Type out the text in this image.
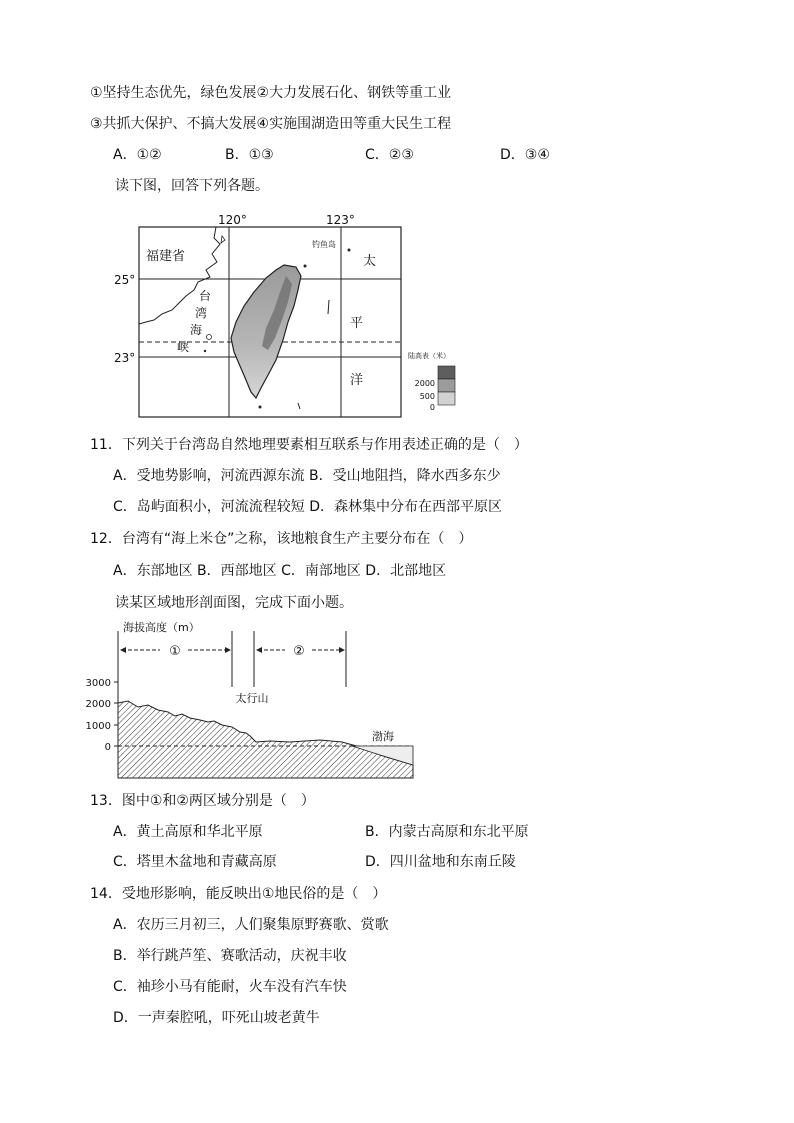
①坚持生态优先，绿色发展②大力发展石化、钢铁等重工业
③共抓大保护、不搞大发展④实施围湖造田等重大民生工程
A．①②	B．①③	C．②③	D．③④
读下图，回答下列各题。
120°	123°
25°
23°
福建省
台
湾
海
峡
钓鱼岛
太
平
洋
陆高表（米）
2000
500
0
11．下列关于台湾岛自然地理要素相互联系与作用表述正确的是（　）
A．受地势影响，河流西源东流 B．受山地阻挡，降水西多东少
C．岛屿面积小，河流流程较短 D．森林集中分布在西部平原区
12．台湾有“海上米仓”之称，该地粮食生产主要分布在（　）
A．东部地区 B．西部地区 C．南部地区 D．北部地区
读某区域地形剖面图，完成下面小题。
海拔高度（m）
3000
2000
1000
0
①	②
太行山
渤海
13．图中①和②两区域分别是（　）
A．黄土高原和华北平原	B．内蒙古高原和东北平原
C．塔里木盆地和青藏高原	D．四川盆地和东南丘陵
14．受地形影响，能反映出①地民俗的是（　）
A．农历三月初三，人们聚集原野赛歌、赏歌
B．举行跳芦笙、赛歌活动，庆祝丰收
C．袖珍小马有能耐，火车没有汽车快
D．一声秦腔吼，吓死山坡老黄牛
